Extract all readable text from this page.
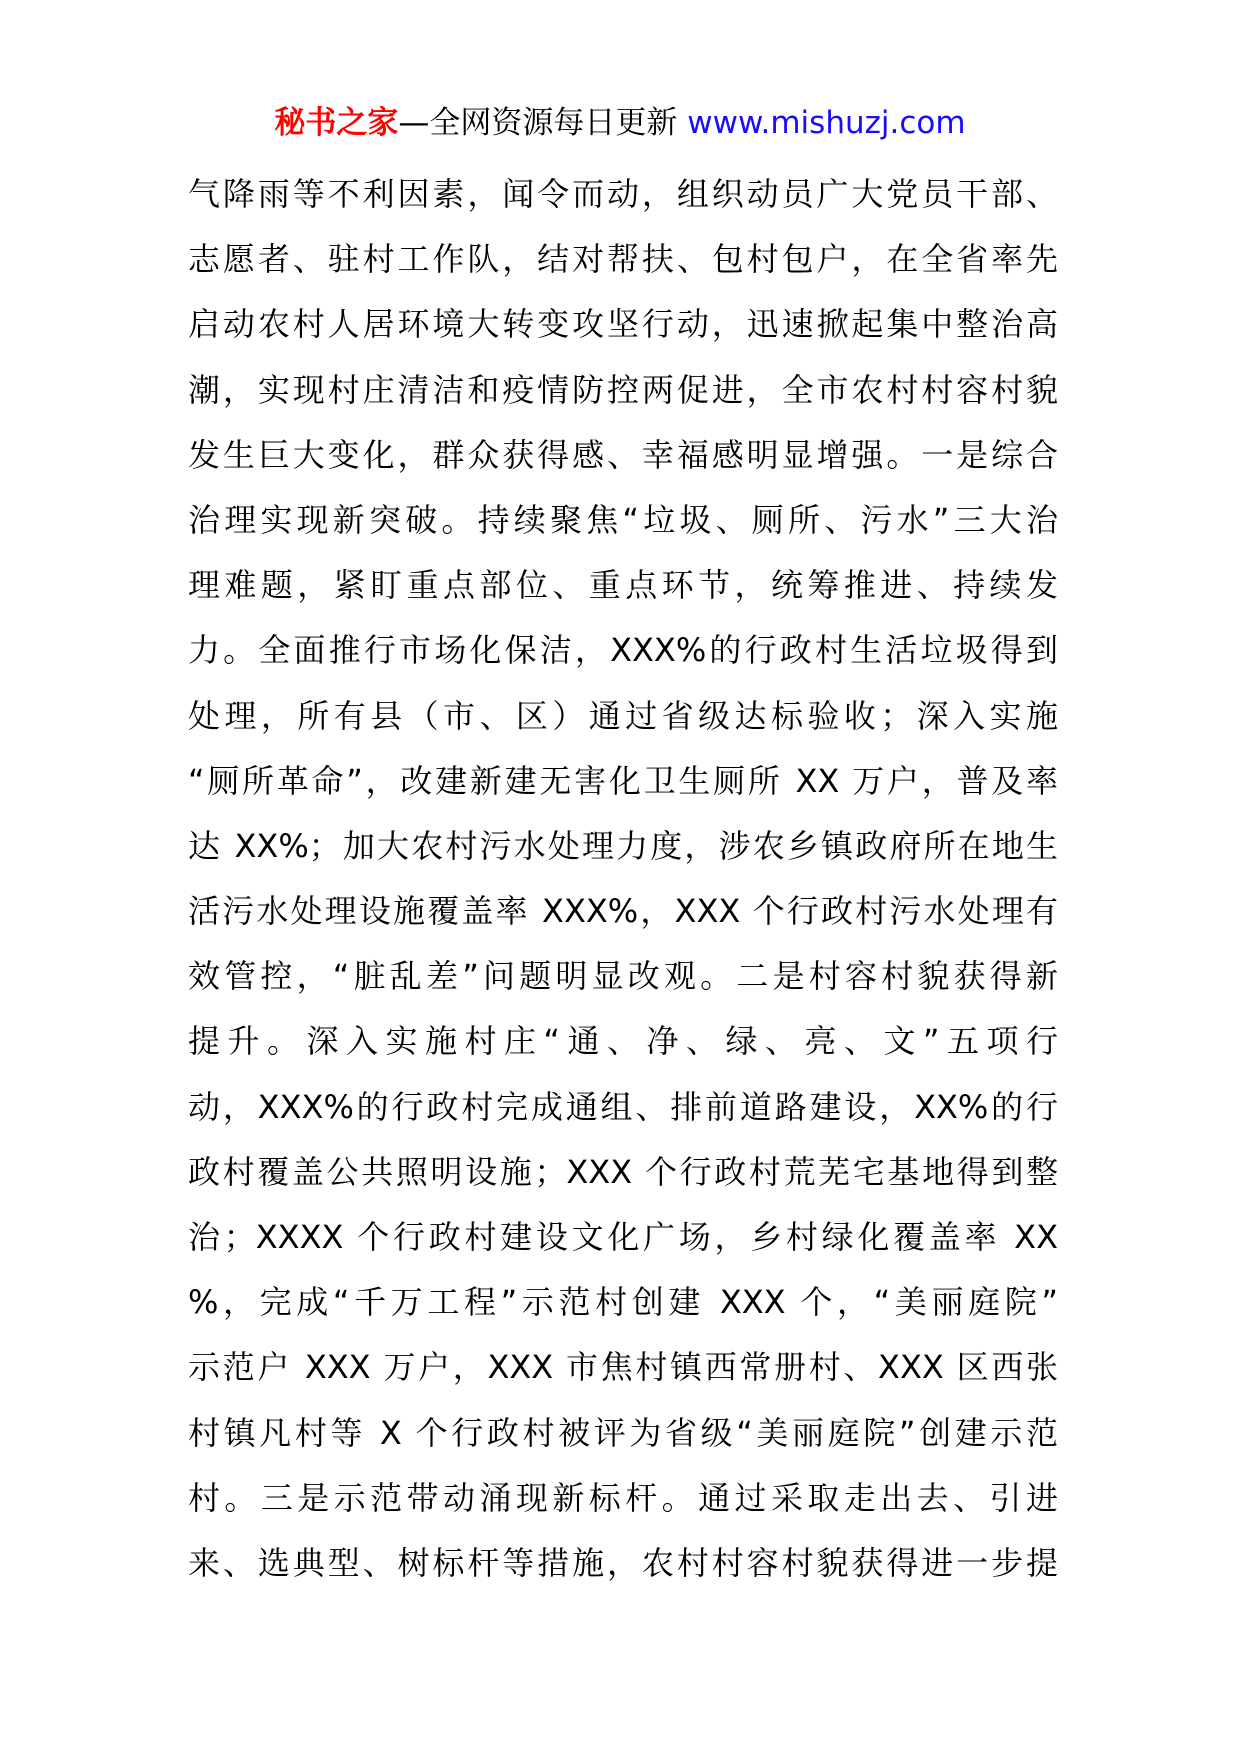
秘书之家—全网资源每日更新 www.mishuzj.com
气降雨等不利因素，闻令而动，组织动员广大党员干部、
志愿者、驻村工作队，结对帮扶、包村包户，在全省率先
启动农村人居环境大转变攻坚行动，迅速掀起集中整治高
潮，实现村庄清洁和疫情防控两促进，全市农村村容村貌
发生巨大变化，群众获得感、幸福感明显增强。一是综合
治理实现新突破。持续聚焦“垃圾、厕所、污水”三大治
理难题，紧盯重点部位、重点环节，统筹推进、持续发
力。全面推行市场化保洁，XXX%的行政村生活垃圾得到
处理，所有县（市、区）通过省级达标验收；深入实施
“厕所革命”，改建新建无害化卫生厕所 XX 万户，普及率
达 XX%；加大农村污水处理力度，涉农乡镇政府所在地生
活污水处理设施覆盖率 XXX%，XXX 个行政村污水处理有
效管控，“脏乱差”问题明显改观。二是村容村貌获得新
提升。深入实施村庄“通、净、绿、亮、文”五项行
动，XXX%的行政村完成通组、排前道路建设，XX%的行
政村覆盖公共照明设施；XXX 个行政村荒芜宅基地得到整
治；XXXX 个行政村建设文化广场，乡村绿化覆盖率 XX
%，完成“千万工程”示范村创建 XXX 个，“美丽庭院”
示范户 XXX 万户，XXX 市焦村镇西常册村、XXX 区西张
村镇凡村等 X 个行政村被评为省级“美丽庭院”创建示范
村。三是示范带动涌现新标杆。通过采取走出去、引进
来、选典型、树标杆等措施，农村村容村貌获得进一步提
